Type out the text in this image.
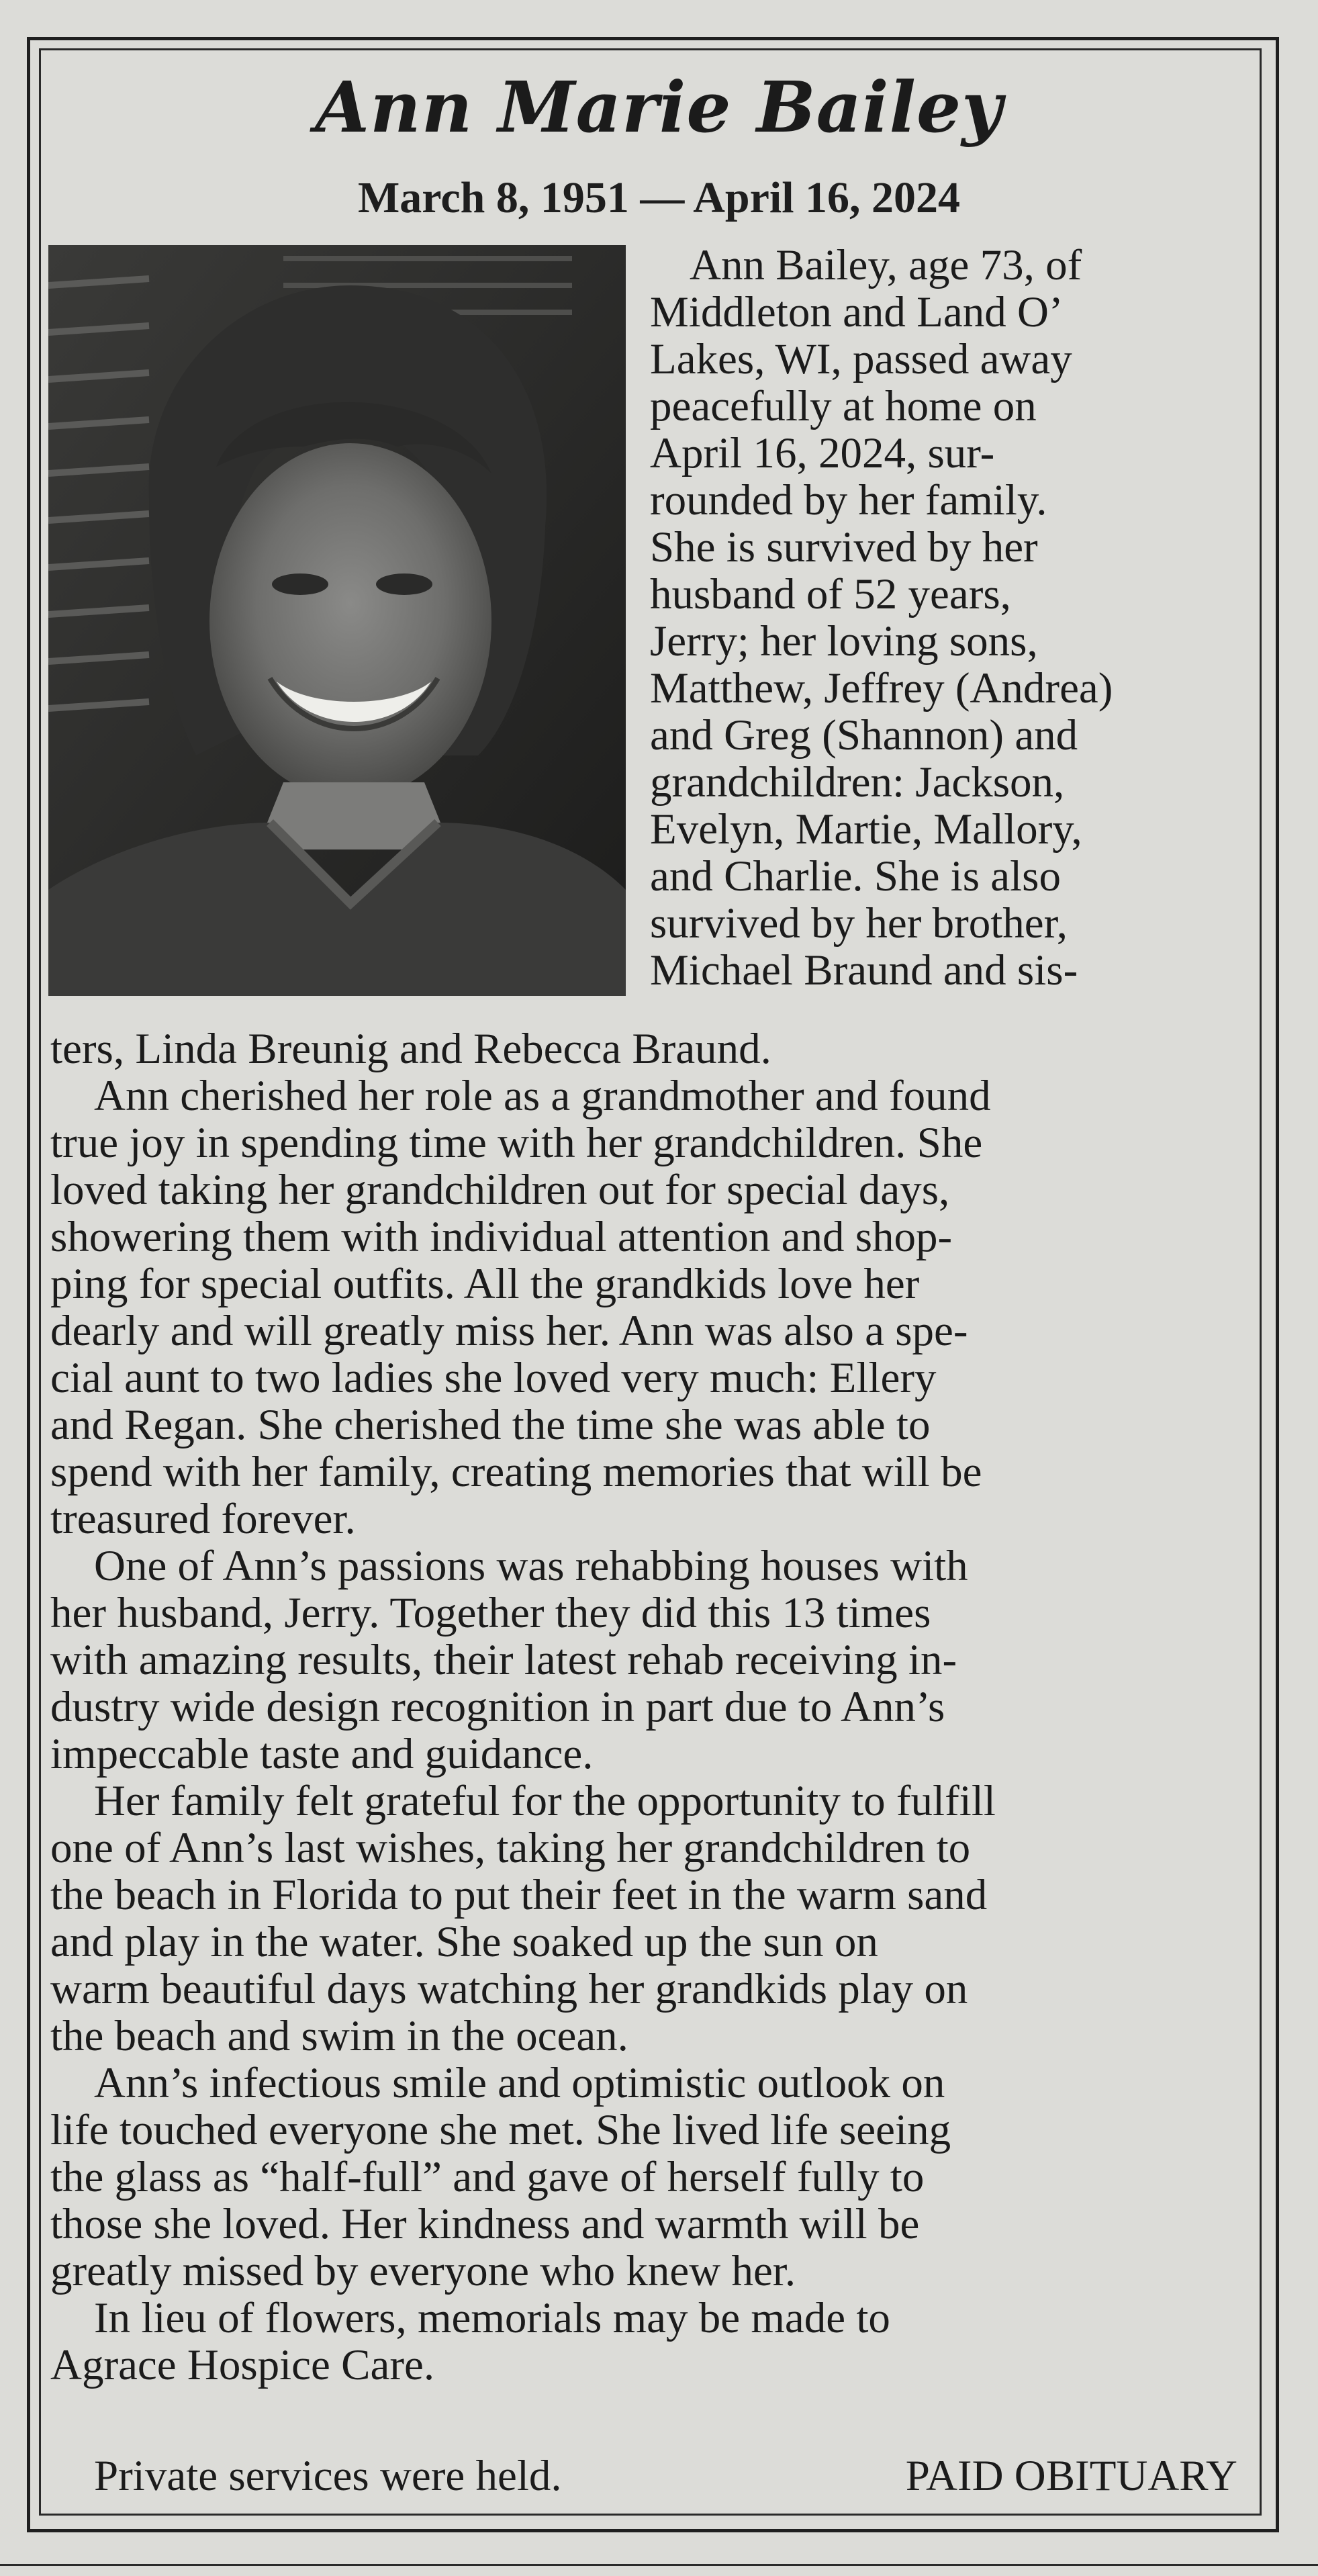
Ann Marie Bailey
March 8, 1951 — April 16, 2024
Ann Bailey, age 73, of
Middleton and Land O’
Lakes, WI, passed away
peacefully at home on
April 16, 2024, sur-
rounded by her family.
She is survived by her
husband of 52 years,
Jerry; her loving sons,
Matthew, Jeffrey (Andrea)
and Greg (Shannon) and
grandchildren: Jackson,
Evelyn, Martie, Mallory,
and Charlie. She is also
survived by her brother,
Michael Braund and sis-
ters, Linda Breunig and Rebecca Braund.
Ann cherished her role as a grandmother and found
true joy in spending time with her grandchildren. She
loved taking her grandchildren out for special days,
showering them with individual attention and shop-
ping for special outfits. All the grandkids love her
dearly and will greatly miss her. Ann was also a spe-
cial aunt to two ladies she loved very much: Ellery
and Regan. She cherished the time she was able to
spend with her family, creating memories that will be
treasured forever.
One of Ann’s passions was rehabbing houses with
her husband, Jerry. Together they did this 13 times
with amazing results, their latest rehab receiving in-
dustry wide design recognition in part due to Ann’s
impeccable taste and guidance.
Her family felt grateful for the opportunity to fulfill
one of Ann’s last wishes, taking her grandchildren to
the beach in Florida to put their feet in the warm sand
and play in the water. She soaked up the sun on
warm beautiful days watching her grandkids play on
the beach and swim in the ocean.
Ann’s infectious smile and optimistic outlook on
life touched everyone she met. She lived life seeing
the glass as “half-full” and gave of herself fully to
those she loved. Her kindness and warmth will be
greatly missed by everyone who knew her.
In lieu of flowers, memorials may be made to
Agrace Hospice Care.
Private services were held.	PAID OBITUARY
